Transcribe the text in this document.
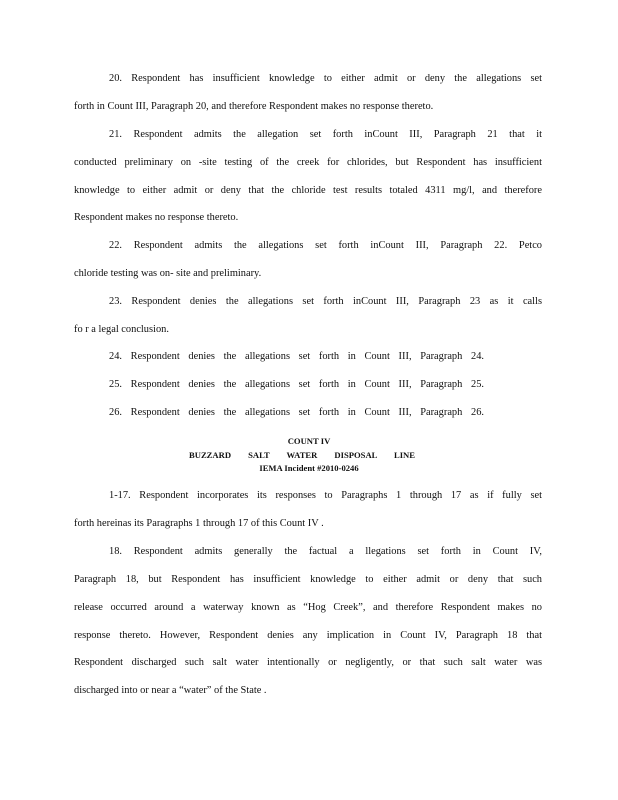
20. Respondent has insufficient knowledge to either admit or deny the allegations set
forth in Count III, Paragraph 20, and therefore Respondent makes no response thereto.
21. Respondent admits the allegation set forth inCount III, Paragraph 21 that it
conducted preliminary on -site testing of the creek for chlorides, but Respondent has insufficient
knowledge to either admit or deny that the chloride test results totaled 4311 mg/l, and therefore
Respondent makes no response thereto.
22. Respondent admits the allegations set forth inCount III, Paragraph 22. Petco
chloride testing was on- site and preliminary.
23. Respondent denies the allegations set forth inCount III, Paragraph 23 as it calls
fo r a legal conclusion.
24. Respondent denies the allegations set forth in Count III, Paragraph 24.
25. Respondent denies the allegations set forth in Count III, Paragraph 25.
26. Respondent denies the allegations set forth in Count III, Paragraph 26.
COUNT IV
BUZZARD SALT WATER DISPOSAL LINE
IEMA Incident #2010-0246
1-17. Respondent incorporates its responses to Paragraphs 1 through 17 as if fully set
forth hereinas its Paragraphs 1 through 17 of this Count IV .
18. Respondent admits generally the factual a llegations set forth in Count IV,
Paragraph 18, but Respondent has insufficient knowledge to either admit or deny that such
release occurred around a waterway known as “Hog Creek”, and therefore Respondent makes no
response thereto. However, Respondent denies any implication in Count IV, Paragraph 18 that
Respondent discharged such salt water intentionally or negligently, or that such salt water was
discharged into or near a “water” of the State .
